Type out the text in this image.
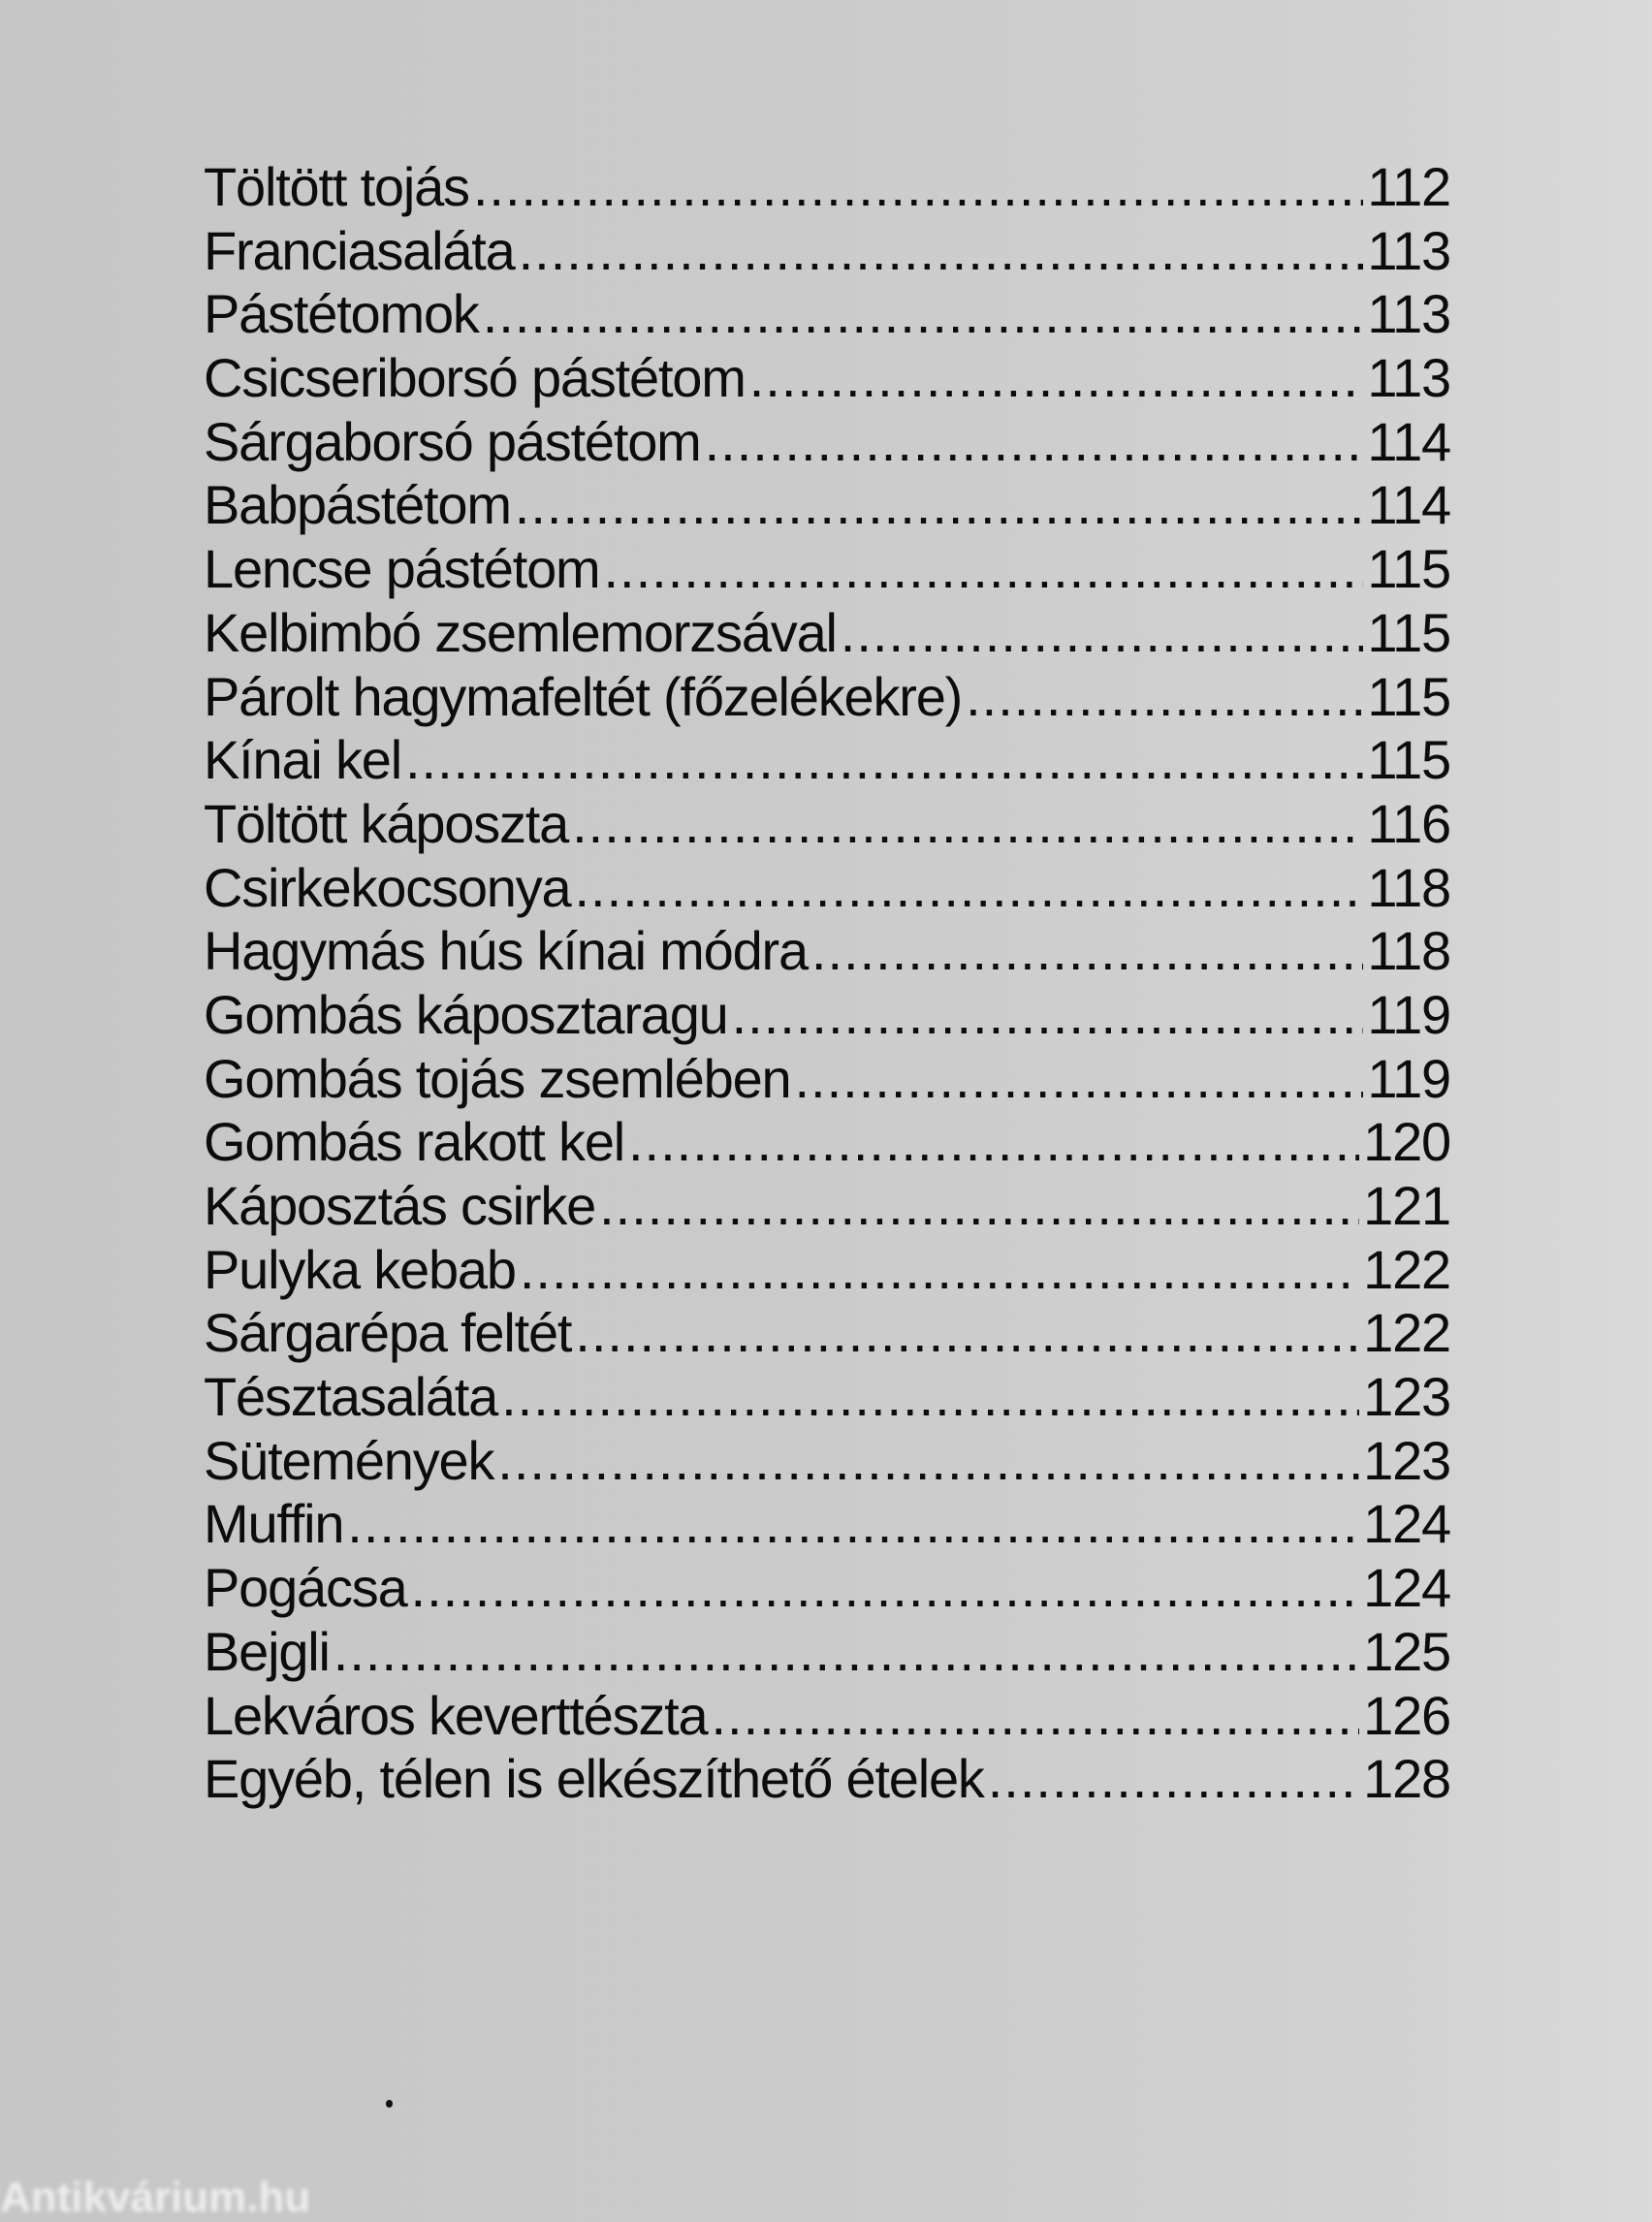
Töltött tojás .....	112
Franciasaláta .....	113
Pástétomok .....	113
Csicseriborsó pástétom .....	113
Sárgaborsó pástétom .....	114
Babpástétom .....	114
Lencse pástétom .....	115
Kelbimbó zsemlemorzsával .....	115
Párolt hagymafeltét (főzelékekre) .....	115
Kínai kel .....	115
Töltött káposzta .....	116
Csirkekocsonya .....	118
Hagymás hús kínai módra .....	118
Gombás káposztaragu .....	119
Gombás tojás zsemlében .....	119
Gombás rakott kel .....	120
Káposztás csirke .....	121
Pulyka kebab .....	122
Sárgarépa feltét .....	122
Tésztasaláta .....	123
Sütemények .....	123
Muffin .....	124
Pogácsa .....	124
Bejgli .....	125
Lekváros keverttészta .....	126
Egyéb, télen is elkészíthető ételek .....	128
Antikvárium.hu
